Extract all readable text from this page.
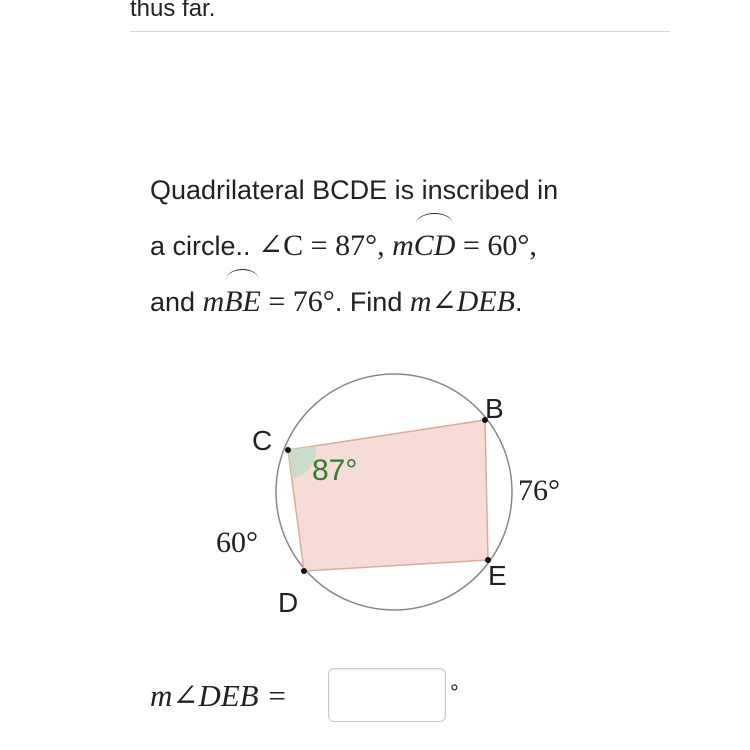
thus far.
Quadrilateral BCDE is inscribed in
a circle.. ∠C = 87°, mCD = 60°,
and mBE = 76°. Find m∠DEB.
B
C
D
E
87°
60°
76°
m∠DEB =	°
